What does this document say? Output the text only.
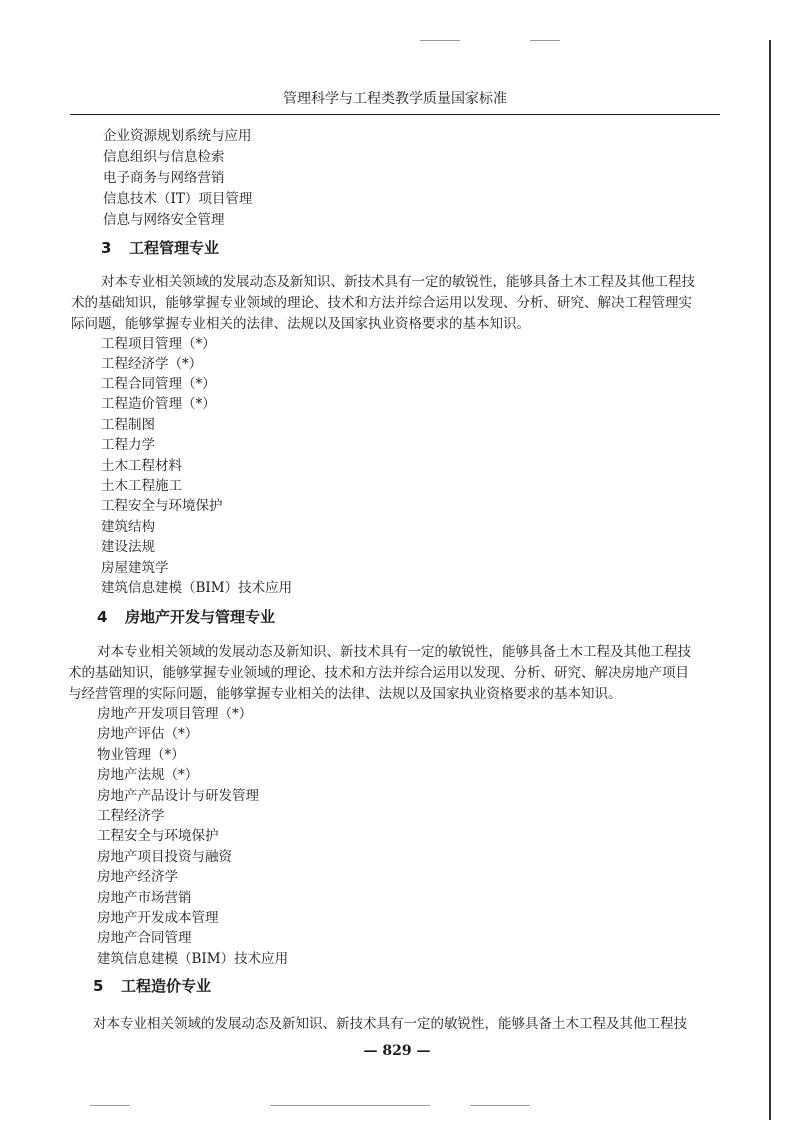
管理科学与工程类教学质量国家标准
企业资源规划系统与应用
信息组织与信息检索
电子商务与网络营销
信息技术（IT）项目管理
信息与网络安全管理
3 工程管理专业
对本专业相关领域的发展动态及新知识、新技术具有一定的敏锐性，能够具备土木工程及其他工程技
术的基础知识，能够掌握专业领域的理论、技术和方法并综合运用以发现、分析、研究、解决工程管理实
际问题，能够掌握专业相关的法律、法规以及国家执业资格要求的基本知识。
工程项目管理（*）
工程经济学（*）
工程合同管理（*）
工程造价管理（*）
工程制图
工程力学
土木工程材料
土木工程施工
工程安全与环境保护
建筑结构
建设法规
房屋建筑学
建筑信息建模（BIM）技术应用
4 房地产开发与管理专业
对本专业相关领域的发展动态及新知识、新技术具有一定的敏锐性，能够具备土木工程及其他工程技
术的基础知识，能够掌握专业领域的理论、技术和方法并综合运用以发现、分析、研究、解决房地产项目
与经营管理的实际问题，能够掌握专业相关的法律、法规以及国家执业资格要求的基本知识。
房地产开发项目管理（*）
房地产评估（*）
物业管理（*）
房地产法规（*）
房地产产品设计与研发管理
工程经济学
工程安全与环境保护
房地产项目投资与融资
房地产经济学
房地产市场营销
房地产开发成本管理
房地产合同管理
建筑信息建模（BIM）技术应用
5 工程造价专业
对本专业相关领域的发展动态及新知识、新技术具有一定的敏锐性，能够具备土木工程及其他工程技
— 829 —
